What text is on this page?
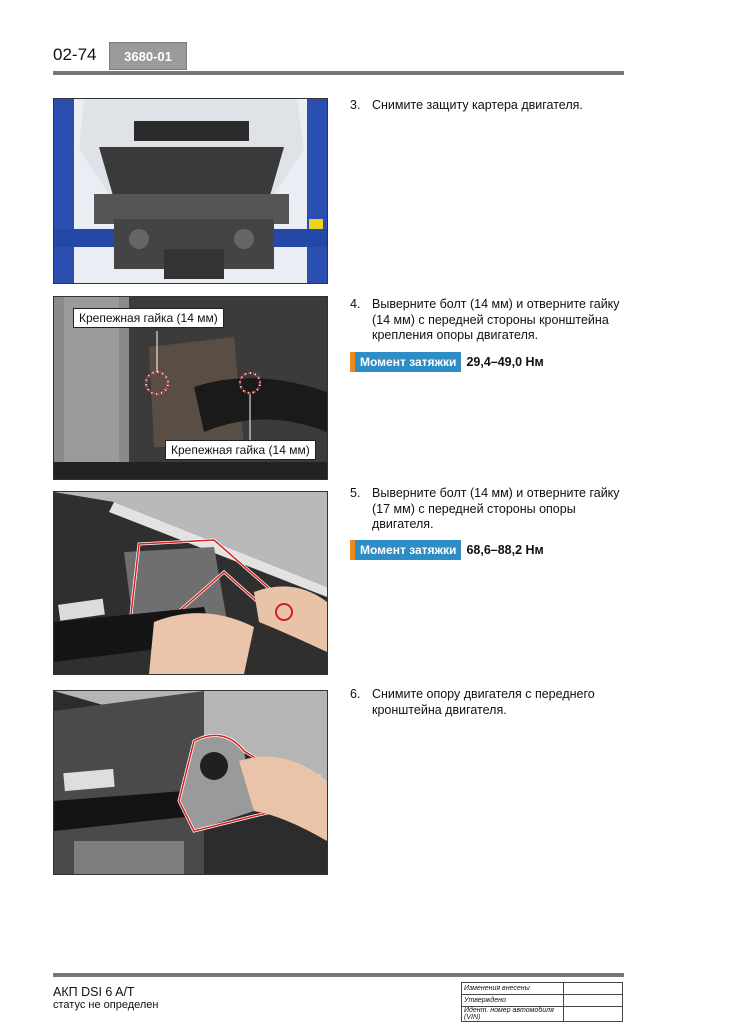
02-74	3680-01
3. Снимите защиту картера двигателя.
Крепежная гайка (14 мм)
Крепежная гайка (14 мм)
4. Выверните болт (14 мм) и отверните гайку (14 мм) с передней стороны кронштейна крепления опоры двигателя.
Момент затяжки 29,4–49,0 Нм
5. Выверните болт (14 мм) и отверните гайку (17 мм) с передней стороны опоры двигателя.
Момент затяжки 68,6–88,2 Нм
6. Снимите опору двигателя с переднего кронштейна двигателя.
АКП DSI 6 A/T
статус не определен
Изменения внесены	
Утверждено	
Идент. номер автомобиля (VIN)	
